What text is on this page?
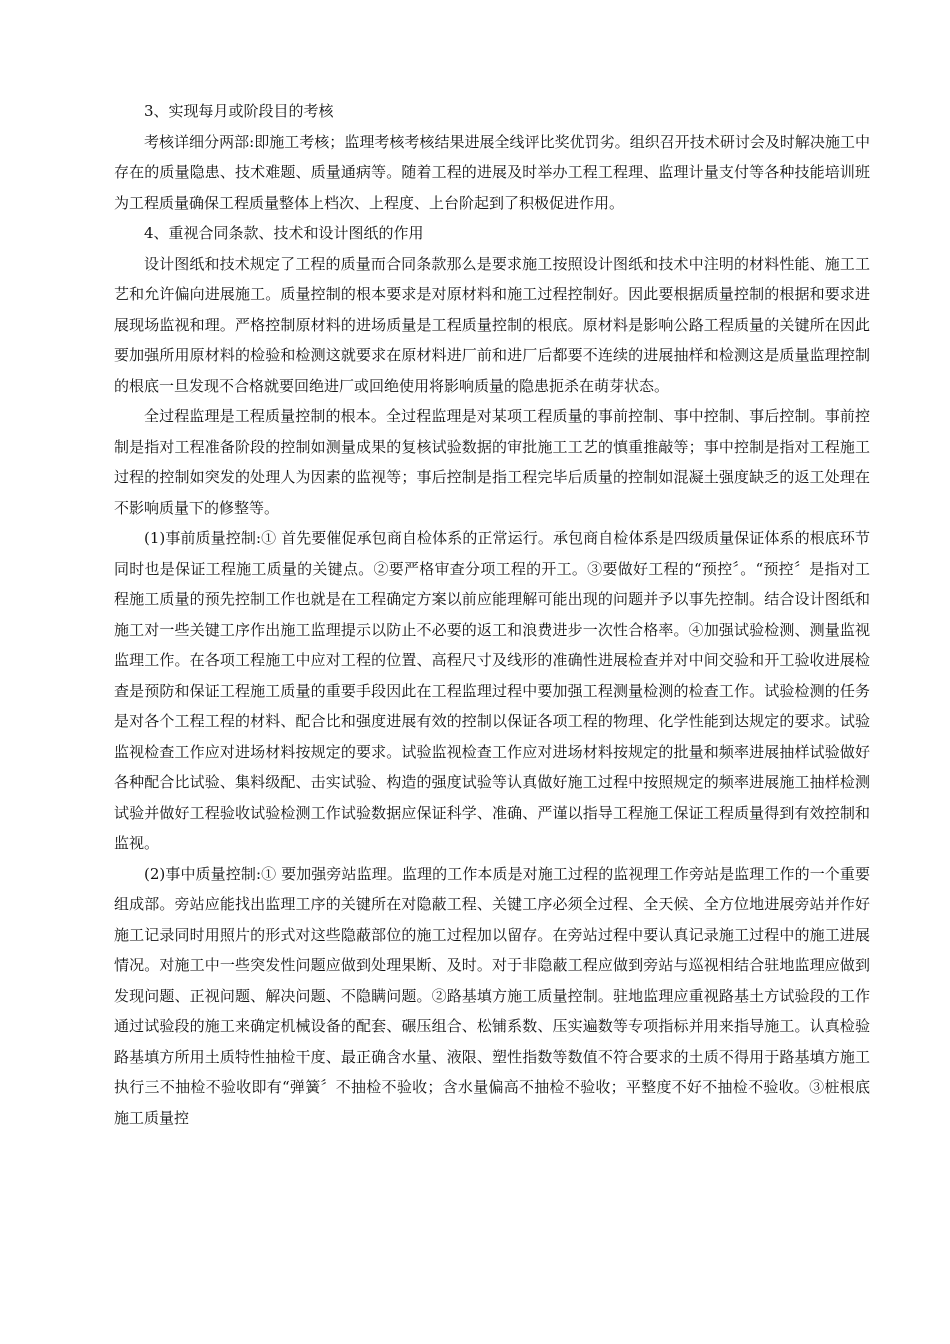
3、实现每月或阶段目的考核

考核详细分两部:即施工考核；监理考核考核结果进展全线评比奖优罚劣。组织召开技术研讨会及时解决施工中存在的质量隐患、技术难题、质量通病等。随着工程的进展及时举办工程工程理、监理计量支付等各种技能培训班为工程质量确保工程质量整体上档次、上程度、上台阶起到了积极促进作用。

4、重视合同条款、技术和设计图纸的作用

设计图纸和技术规定了工程的质量而合同条款那么是要求施工按照设计图纸和技术中注明的材料性能、施工工艺和允许偏向进展施工。质量控制的根本要求是对原材料和施工过程控制好。因此要根据质量控制的根据和要求进展现场监视和理。严格控制原材料的进场质量是工程质量控制的根底。原材料是影响公路工程质量的关键所在因此要加强所用原材料的检验和检测这就要求在原材料进厂前和进厂后都要不连续的进展抽样和检测这是质量监理控制的根底一旦发现不合格就要回绝进厂或回绝使用将影响质量的隐患扼杀在萌芽状态。

全过程监理是工程质量控制的根本。全过程监理是对某项工程质量的事前控制、事中控制、事后控制。事前控制是指对工程准备阶段的控制如测量成果的复核试验数据的审批施工工艺的慎重推敲等；事中控制是指对工程施工过程的控制如突发的处理人为因素的监视等；事后控制是指工程完毕后质量的控制如混凝土强度缺乏的返工处理在不影响质量下的修整等。

(1)事前质量控制:① 首先要催促承包商自检体系的正常运行。承包商自检体系是四级质量保证体系的根底环节同时也是保证工程施工质量的关键点。②要严格审查分项工程的开工。③要做好工程的“预控〞。“预控〞是指对工程施工质量的预先控制工作也就是在工程确定方案以前应能理解可能出现的问题并予以事先控制。结合设计图纸和施工对一些关键工序作出施工监理提示以防止不必要的返工和浪费进步一次性合格率。④加强试验检测、测量监视监理工作。在各项工程施工中应对工程的位置、高程尺寸及线形的准确性进展检查并对中间交验和开工验收进展检查是预防和保证工程施工质量的重要手段因此在工程监理过程中要加强工程测量检测的检查工作。试验检测的任务是对各个工程工程的材料、配合比和强度进展有效的控制以保证各项工程的物理、化学性能到达规定的要求。试验监视检查工作应对进场材料按规定的要求。试验监视检查工作应对进场材料按规定的批量和频率进展抽样试验做好各种配合比试验、集料级配、击实试验、构造的强度试验等认真做好施工过程中按照规定的频率进展施工抽样检测试验并做好工程验收试验检测工作试验数据应保证科学、准确、严谨以指导工程施工保证工程质量得到有效控制和监视。

(2)事中质量控制:① 要加强旁站监理。监理的工作本质是对施工过程的监视理工作旁站是监理工作的一个重要组成部。旁站应能找出监理工序的关键所在对隐蔽工程、关键工序必须全过程、全天候、全方位地进展旁站并作好施工记录同时用照片的形式对这些隐蔽部位的施工过程加以留存。在旁站过程中要认真记录施工过程中的施工进展情况。对施工中一些突发性问题应做到处理果断、及时。对于非隐蔽工程应做到旁站与巡视相结合驻地监理应做到发现问题、正视问题、解决问题、不隐瞒问题。②路基填方施工质量控制。驻地监理应重视路基土方试验段的工作通过试验段的施工来确定机械设备的配套、碾压组合、松铺系数、压实遍数等专项指标并用来指导施工。认真检验路基填方所用土质特性抽检干度、最正确含水量、液限、塑性指数等数值不符合要求的土质不得用于路基填方施工执行三不抽检不验收即有“弹簧〞不抽检不验收；含水量偏高不抽检不验收；平整度不好不抽检不验收。③桩根底施工质量控
